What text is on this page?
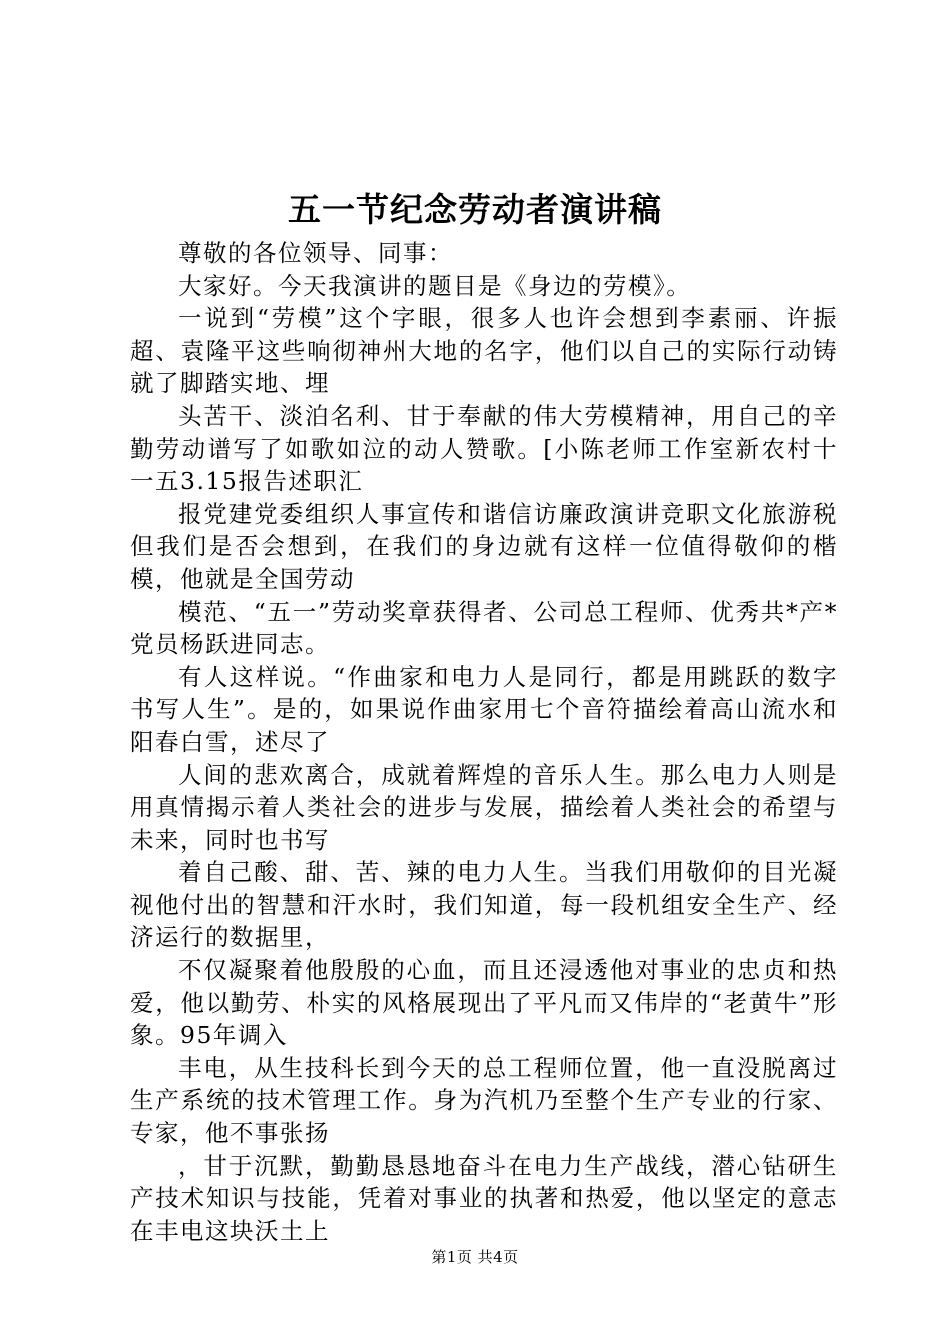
五一节纪念劳动者演讲稿

尊敬的各位领导、同事：

大家好。今天我演讲的题目是《身边的劳模》。

一说到“劳模”这个字眼，很多人也许会想到李素丽、许振超、袁隆平这些响彻神州大地的名字，他们以自己的实际行动铸就了脚踏实地、埋

头苦干、淡泊名利、甘于奉献的伟大劳模精神，用自己的辛勤劳动谱写了如歌如泣的动人赞歌。[小陈老师工作室新农村十一五3.15报告述职汇

报党建党委组织人事宣传和谐信访廉政演讲竞职文化旅游税但我们是否会想到，在我们的身边就有这样一位值得敬仰的楷模，他就是全国劳动

模范、“五一”劳动奖章获得者、公司总工程师、优秀共*产*党员杨跃进同志。

有人这样说。“作曲家和电力人是同行，都是用跳跃的数字书写人生”。是的，如果说作曲家用七个音符描绘着高山流水和阳春白雪，述尽了

人间的悲欢离合，成就着辉煌的音乐人生。那么电力人则是用真情揭示着人类社会的进步与发展，描绘着人类社会的希望与未来，同时也书写

着自己酸、甜、苦、辣的电力人生。当我们用敬仰的目光凝视他付出的智慧和汗水时，我们知道，每一段机组安全生产、经济运行的数据里，

不仅凝聚着他殷殷的心血，而且还浸透他对事业的忠贞和热爱，他以勤劳、朴实的风格展现出了平凡而又伟岸的“老黄牛”形象。95年调入

丰电，从生技科长到今天的总工程师位置，他一直没脱离过生产系统的技术管理工作。身为汽机乃至整个生产专业的行家、专家，他不事张扬

，甘于沉默，勤勤恳恳地奋斗在电力生产战线，潜心钻研生产技术知识与技能，凭着对事业的执著和热爱，他以坚定的意志在丰电这块沃土上

第1页 共4页
